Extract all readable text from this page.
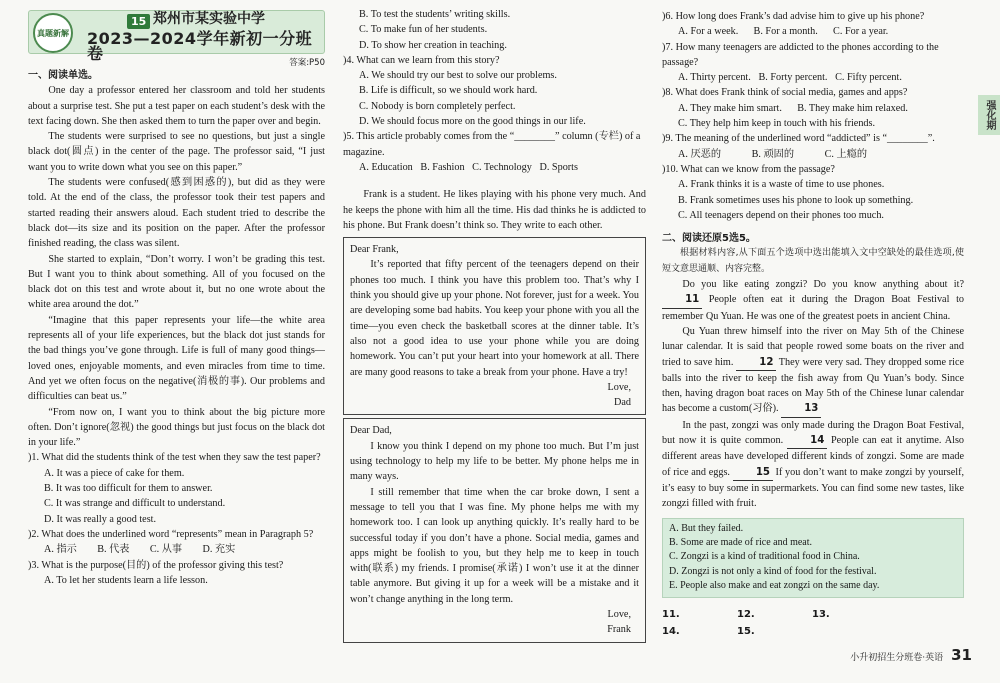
真题新解
15 郑州市某实验中学
2023—2024学年新初一分班卷	答案:P50
一、阅读单选。

One day a professor entered her classroom and told her students about a surprise test. She put a test paper on each student’s desk with the text facing down. She then asked them to turn the paper over and begin.

The students were surprised to see no questions, but just a single black dot(圆点) in the center of the page. The professor said, “I just want you to write down what you see on this paper.”

The students were confused(感到困惑的), but did as they were told. At the end of the class, the professor took their test papers and started reading their answers aloud. Each student tried to describe the black dot—its size and its position on the paper. After the professor finished reading, the class was silent.

She started to explain, “Don’t worry. I won’t be grading this test. But I want you to think about something. All of you focused on the black dot on this test and wrote about it, but no one wrote about the white area around the dot.”

“Imagine that this paper represents your life—the white area represents all of your life experiences, but the black dot just stands for the bad things you’ve gone through. Life is full of many good things—loved ones, enjoyable moments, and even miracles from time to time. And yet we often focus on the negative(消极的事). Our problems and difficulties can beat us.”

“From now on, I want you to think about the big picture more often. Don’t ignore(忽视) the good things but just focus on the black dot in your life.”

)1. What did the students think of the test when they saw the test paper?

A. It was a piece of cake for them.

B. It was too difficult for them to answer.

C. It was strange and difficult to understand.

D. It was really a good test.

)2. What does the underlined word “represents” mean in Paragraph 5?

A. 指示        B. 代表        C. 从事        D. 充实

)3. What is the purpose(目的) of the professor giving this test?

A. To let her students learn a life lesson.

B. To test the students’ writing skills.

C. To make fun of her students.

D. To show her creation in teaching.

)4. What can we learn from this story?

A. We should try our best to solve our problems.

B. Life is difficult, so we should work hard.

C. Nobody is born completely perfect.

D. We should focus more on the good things in our life.

)5. This article probably comes from the “________” column (专栏) of a magazine.

A. Education   B. Fashion   C. Technology   D. Sports

Frank is a student. He likes playing with his phone very much. And he keeps the phone with him all the time. His dad thinks he is addicted to his phone. But Frank doesn’t think so. They write to each other.

Dear Frank,

It’s reported that fifty percent of the teenagers depend on their phones too much. I think you have this problem too. That’s why I think you should give up your phone. Not forever, just for a week. You are developing some bad habits. You keep your phone with you all the time—you even check the basketball scores at the dinner table. It’s also not a good idea to use your phone while you are doing homework. You can’t put your heart into your homework at all. There are many good reasons to take a break from your phone. Have a try!

Love,

Dad

Dear Dad,

I know you think I depend on my phone too much. But I’m just using technology to help my life to be better. My phone helps me in many ways.

I still remember that time when the car broke down, I sent a message to tell you that I was fine. My phone helps me with my homework too. I can look up anything quickly. It’s really hard to be successful today if you don’t have a phone. Social media, games and apps might be foolish to you, but they help me to keep in touch with(联系) my friends. I promise(承诺) I won’t use it at the dinner table anymore. But giving it up for a week will be a mistake and it won’t change anything in the long term.

Love,

Frank

)6. How long does Frank’s dad advise him to give up his phone?

A. For a week.      B. For a month.      C. For a year.

)7. How many teenagers are addicted to the phones according to the passage?

A. Thirty percent.   B. Forty percent.   C. Fifty percent.

)8. What does Frank think of social media, games and apps?

A. They make him smart.      B. They make him relaxed.

C. They help him keep in touch with his friends.

)9. The meaning of the underlined word “addicted” is “________”.

A. 厌恶的            B. 顽固的            C. 上瘾的

)10. What can we know from the passage?

A. Frank thinks it is a waste of time to use phones.

B. Frank sometimes uses his phone to look up something.

C. All teenagers depend on their phones too much.

二、阅读还原5选5。

根据材料内容,从下面五个选项中选出能填入文中空缺处的最佳选项,使短文意思通顺、内容完整。

Do you like eating zongzi? Do you know anything about it? 11 People often eat it during the Dragon Boat Festival to remember Qu Yuan. He was one of the greatest poets in ancient China.

Qu Yuan threw himself into the river on May 5th of the Chinese lunar calendar. It is said that people rowed some boats on the river and tried to save him.	12 They were very sad. They dropped some rice balls into the river to keep the fish away from Qu Yuan’s body. Since then, having dragon boat races on May 5th of the Chinese lunar calendar has become a custom(习俗).	13

In the past, zongzi was only made during the Dragon Boat Festival, but now it is quite common.	14 People can eat it anytime. Also different areas have developed different kinds of zongzi. Some are made of rice and eggs.	15 If you don’t want to make zongzi by yourself, it’s easy to buy some in supermarkets. You can find some new tastes, like zongzi filled with fruit.

A. But they failed.

B. Some are made of rice and meat.

C. Zongzi is a kind of traditional food in China.

D. Zongzi is not only a kind of food for the festival.

E. People also make and eat zongzi on the same day.

11.	12.	13.
14.	15.
强化期
小升初招生分班卷·英语 31
